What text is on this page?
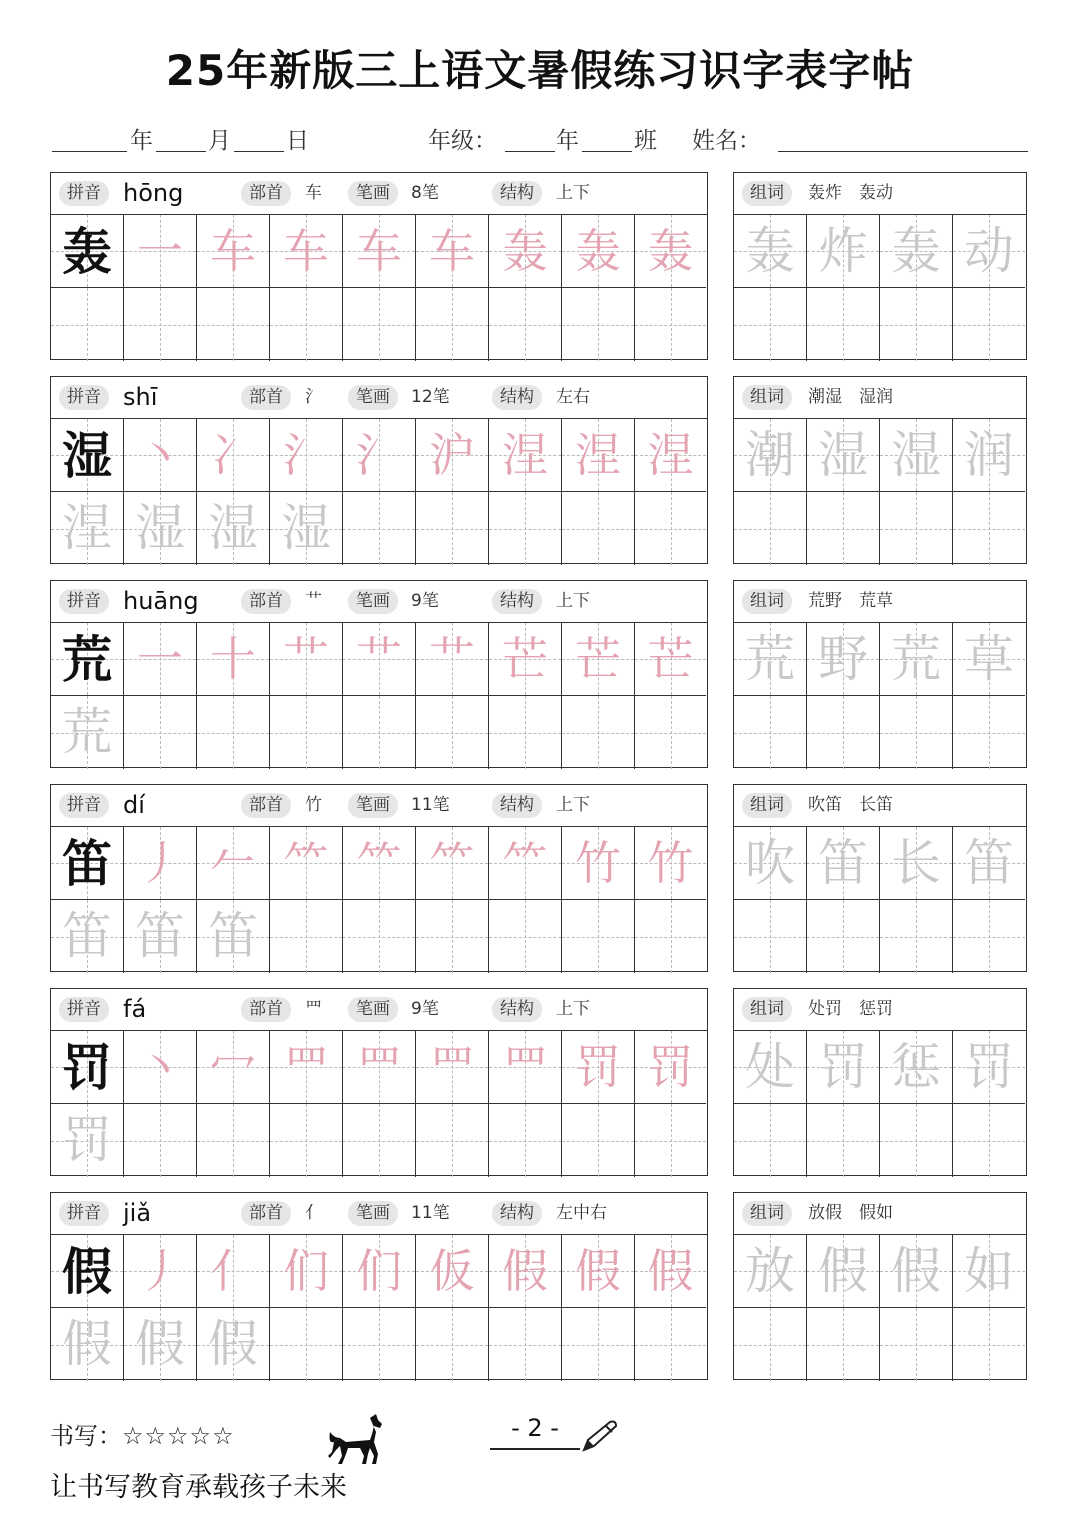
25年新版三上语文暑假练习识字表字帖
年 月 日	年级：	年 班 姓名：
拼音 hōng	部首	车	笔画	8笔	结构	上下
轰 一 车 车 车 车 轰 轰 轰
组词	轰炸　轰动
轰 炸 轰 动
拼音 shī	部首	氵	笔画	12笔	结构	左右
湿 丶 冫 氵 氵 沪 涅 涅 涅
涅 湿 湿 湿
组词	潮湿　湿润
潮 湿 湿 润
拼音 huāng	部首	艹	笔画	9笔	结构	上下
荒 一 十 艹 艹 艹 芒 芒 芒
荒
组词	荒野　荒草
荒 野 荒 草
拼音 dí	部首	竹	笔画	11笔	结构	上下
笛 丿 𠂉 ⺮ ⺮ ⺮ ⺮ 竹 竹
笛 笛 笛
组词	吹笛　长笛
吹 笛 长 笛
拼音 fá	部首	罒	笔画	9笔	结构	上下
罚 丶 冖 罒 罒 罒 罒 罚 罚
罚
组词	处罚　惩罚
处 罚 惩 罚
拼音 jiǎ	部首	亻	笔画	11笔	结构	左中右
假 丿 亻 们 们 仮 假 假 假
假 假 假
组词	放假　假如
放 假 假 如
书写：☆☆☆☆☆	- 2 -
让书写教育承载孩子未来
